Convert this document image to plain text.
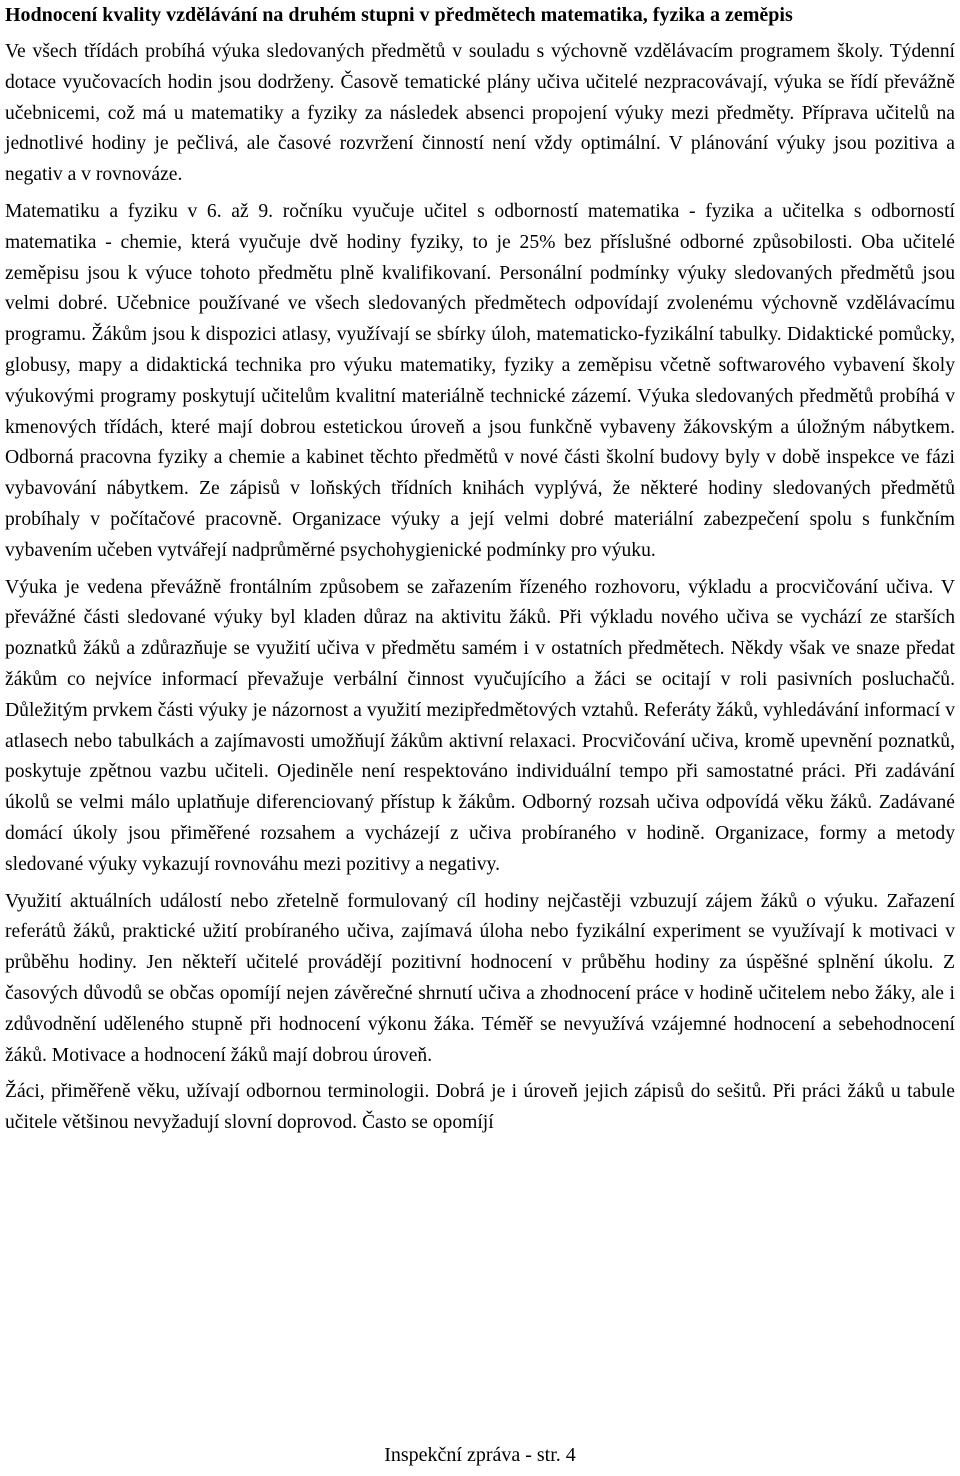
Hodnocení kvality vzdělávání na druhém stupni v předmětech matematika, fyzika a zeměpis

Ve všech třídách probíhá výuka sledovaných předmětů v souladu s výchovně vzdělávacím programem školy. Týdenní dotace vyučovacích hodin jsou dodrženy. Časově tematické plány učiva učitelé nezpracovávají, výuka se řídí převážně učebnicemi, což má u matematiky a fyziky za následek absenci propojení výuky mezi předměty. Příprava učitelů na jednotlivé hodiny je pečlivá, ale časové rozvržení činností není vždy optimální. V plánování výuky jsou pozitiva a negativ a v rovnováze.

Matematiku a fyziku v 6. až 9. ročníku vyučuje učitel s odborností matematika - fyzika a učitelka s odborností matematika - chemie, která vyučuje dvě hodiny fyziky, to je 25% bez příslušné odborné způsobilosti. Oba učitelé zeměpisu jsou k výuce tohoto předmětu plně kvalifikovaní. Personální podmínky výuky sledovaných předmětů jsou velmi dobré. Učebnice používané ve všech sledovaných předmětech odpovídají zvolenému výchovně vzdělávacímu programu. Žákům jsou k dispozici atlasy, využívají se sbírky úloh, matematicko-fyzikální tabulky. Didaktické pomůcky, globusy, mapy a didaktická technika pro výuku matematiky, fyziky a zeměpisu včetně softwarového vybavení školy výukovými programy poskytují učitelům kvalitní materiálně technické zázemí. Výuka sledovaných předmětů probíhá v kmenových třídách, které mají dobrou estetickou úroveň a jsou funkčně vybaveny žákovským a úložným nábytkem. Odborná pracovna fyziky a chemie a kabinet těchto předmětů v nové části školní budovy byly v době inspekce ve fázi vybavování nábytkem. Ze zápisů v loňských třídních knihách vyplývá, že některé hodiny sledovaných předmětů probíhaly v počítačové pracovně. Organizace výuky a její velmi dobré materiální zabezpečení spolu s funkčním vybavením učeben vytvářejí nadprůměrné psychohygienické podmínky pro výuku.

Výuka je vedena převážně frontálním způsobem se zařazením řízeného rozhovoru, výkladu a procvičování učiva. V převážné části sledované výuky byl kladen důraz na aktivitu žáků. Při výkladu nového učiva se vychází ze starších poznatků žáků a zdůrazňuje se využití učiva v předmětu samém i v ostatních předmětech. Někdy však ve snaze předat žákům co nejvíce informací převažuje verbální činnost vyučujícího a žáci se ocitají v roli pasivních posluchačů. Důležitým prvkem části výuky je názornost a využití mezipředmětových vztahů. Referáty žáků, vyhledávání informací v atlasech nebo tabulkách a zajímavosti umožňují žákům aktivní relaxaci. Procvičování učiva, kromě upevnění poznatků, poskytuje zpětnou vazbu učiteli. Ojediněle není respektováno individuální tempo při samostatné práci. Při zadávání úkolů se velmi málo uplatňuje diferenciovaný přístup k žákům. Odborný rozsah učiva odpovídá věku žáků. Zadávané domácí úkoly jsou přiměřené rozsahem a vycházejí z učiva probíraného v hodině. Organizace, formy a metody sledované výuky vykazují rovnováhu mezi pozitivy a negativy.

Využití aktuálních událostí nebo zřetelně formulovaný cíl hodiny nejčastěji vzbuzují zájem žáků o výuku. Zařazení referátů žáků, praktické užití probíraného učiva, zajímavá úloha nebo fyzikální experiment se využívají k motivaci v průběhu hodiny. Jen někteří učitelé provádějí pozitivní hodnocení v průběhu hodiny za úspěšné splnění úkolu. Z časových důvodů se občas opomíjí nejen závěrečné shrnutí učiva a zhodnocení práce v hodině učitelem nebo žáky, ale i zdůvodnění uděleného stupně při hodnocení výkonu žáka. Téměř se nevyužívá vzájemné hodnocení a sebehodnocení žáků. Motivace a hodnocení žáků mají dobrou úroveň.

Žáci, přiměřeně věku, užívají odbornou terminologii. Dobrá je i úroveň jejich zápisů do sešitů. Při práci žáků u tabule učitele většinou nevyžadují slovní doprovod. Často se opomíjí

Inspekční zpráva - str. 4
